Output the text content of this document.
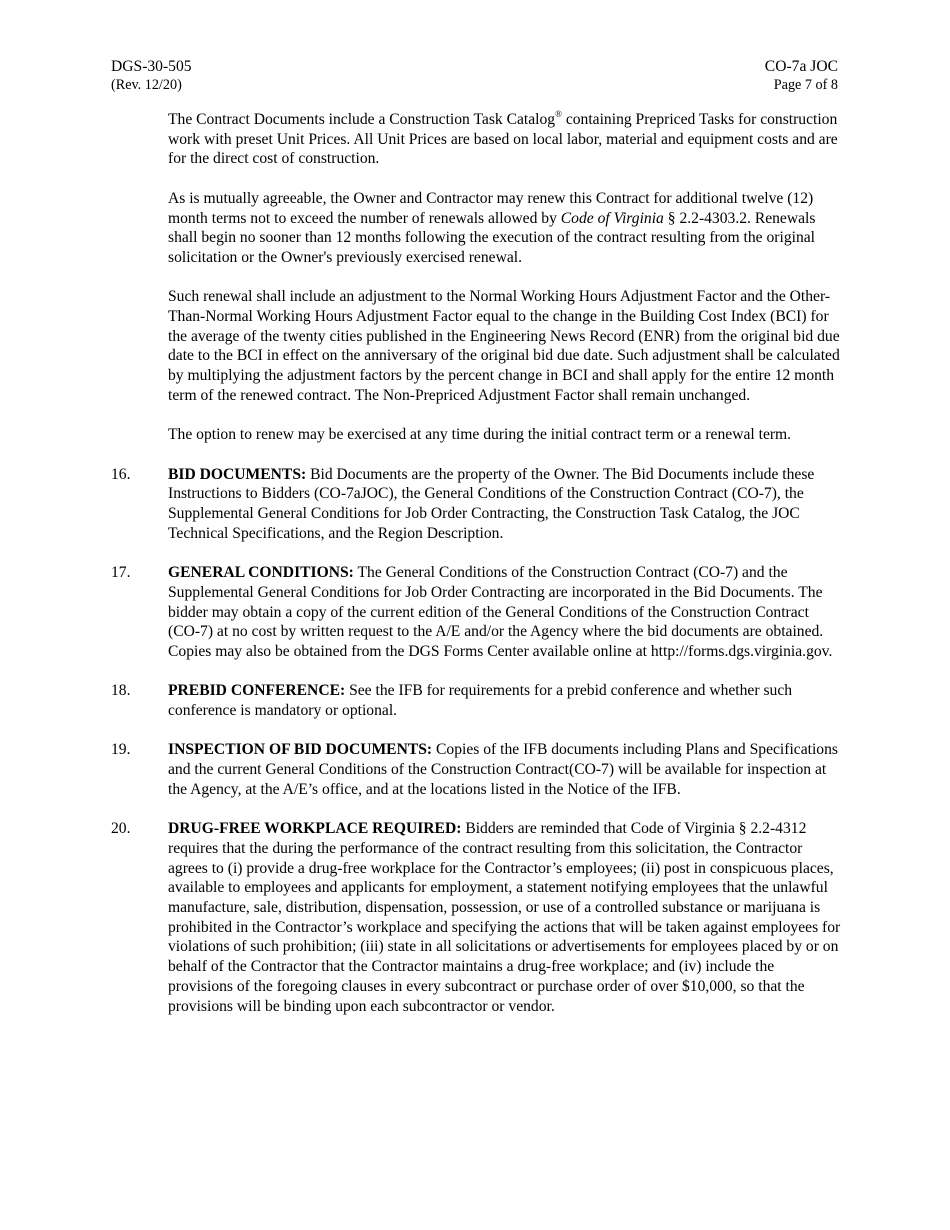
DGS-30-505
(Rev. 12/20)
CO-7a JOC
Page 7 of 8

The Contract Documents include a Construction Task Catalog® containing Prepriced Tasks for construction work with preset Unit Prices. All Unit Prices are based on local labor, material and equipment costs and are for the direct cost of construction.

As is mutually agreeable, the Owner and Contractor may renew this Contract for additional twelve (12) month terms not to exceed the number of renewals allowed by Code of Virginia § 2.2-4303.2. Renewals shall begin no sooner than 12 months following the execution of the contract resulting from the original solicitation or the Owner's previously exercised renewal.

Such renewal shall include an adjustment to the Normal Working Hours Adjustment Factor and the Other-Than-Normal Working Hours Adjustment Factor equal to the change in the Building Cost Index (BCI) for the average of the twenty cities published in the Engineering News Record (ENR) from the original bid due date to the BCI in effect on the anniversary of the original bid due date. Such adjustment shall be calculated by multiplying the adjustment factors by the percent change in BCI and shall apply for the entire 12 month term of the renewed contract. The Non-Prepriced Adjustment Factor shall remain unchanged.

The option to renew may be exercised at any time during the initial contract term or a renewal term.

16.	BID DOCUMENTS: Bid Documents are the property of the Owner. The Bid Documents include these Instructions to Bidders (CO-7aJOC), the General Conditions of the Construction Contract (CO-7), the Supplemental General Conditions for Job Order Contracting, the Construction Task Catalog, the JOC Technical Specifications, and the Region Description.
17.	GENERAL CONDITIONS: The General Conditions of the Construction Contract (CO-7) and the Supplemental General Conditions for Job Order Contracting are incorporated in the Bid Documents. The bidder may obtain a copy of the current edition of the General Conditions of the Construction Contract (CO-7) at no cost by written request to the A/E and/or the Agency where the bid documents are obtained. Copies may also be obtained from the DGS Forms Center available online at http://forms.dgs.virginia.gov.
18.	PREBID CONFERENCE: See the IFB for requirements for a prebid conference and whether such conference is mandatory or optional.
19.	INSPECTION OF BID DOCUMENTS: Copies of the IFB documents including Plans and Specifications and the current General Conditions of the Construction Contract(CO-7) will be available for inspection at the Agency, at the A/E’s office, and at the locations listed in the Notice of the IFB.
20.	DRUG-FREE WORKPLACE REQUIRED: Bidders are reminded that Code of Virginia § 2.2-4312 requires that the during the performance of the contract resulting from this solicitation, the Contractor agrees to (i) provide a drug-free workplace for the Contractor’s employees; (ii) post in conspicuous places, available to employees and applicants for employment, a statement notifying employees that the unlawful manufacture, sale, distribution, dispensation, possession, or use of a controlled substance or marijuana is prohibited in the Contractor’s workplace and specifying the actions that will be taken against employees for violations of such prohibition; (iii) state in all solicitations or advertisements for employees placed by or on behalf of the Contractor that the Contractor maintains a drug-free workplace; and (iv) include the provisions of the foregoing clauses in every subcontract or purchase order of over $10,000, so that the provisions will be binding upon each subcontractor or vendor.
